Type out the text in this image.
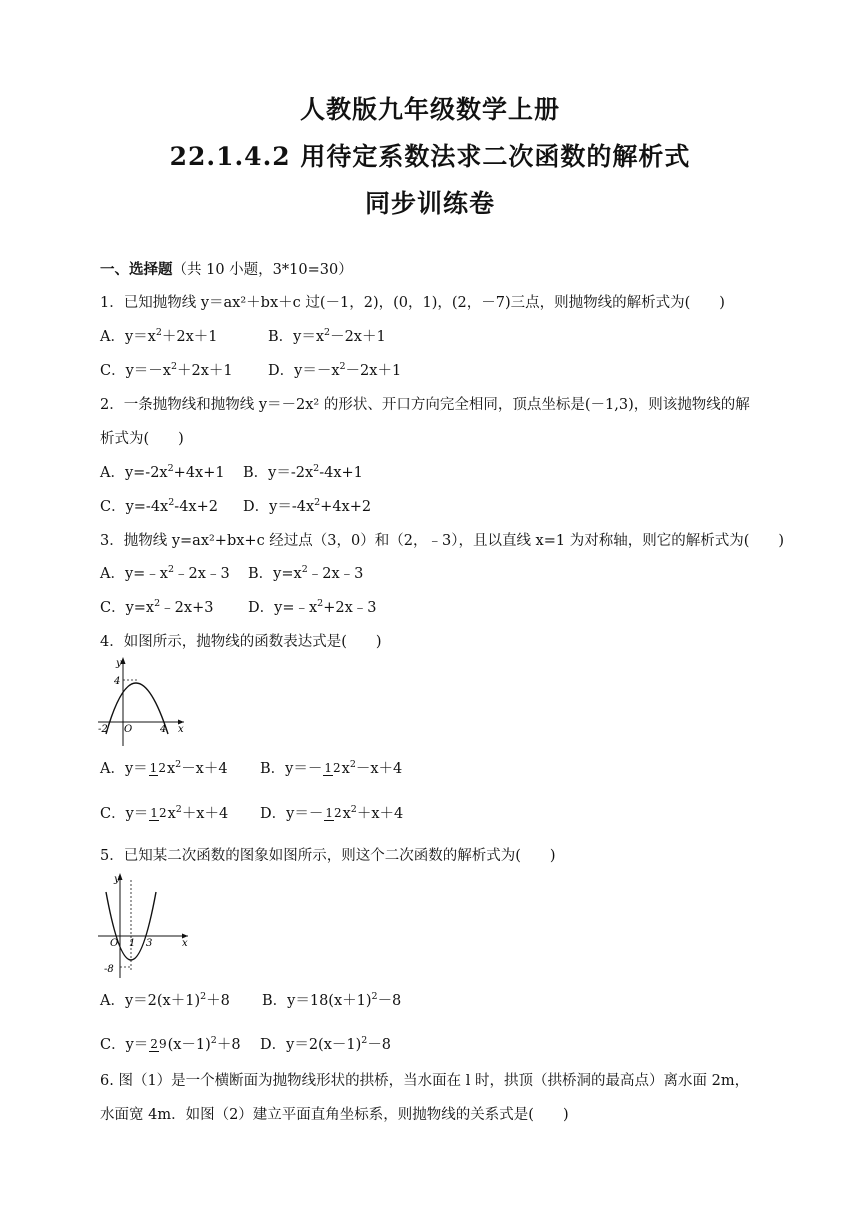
人教版九年级数学上册
22.1.4.2 用待定系数法求二次函数的解析式
同步训练卷
一、选择题（共 10 小题，3*10=30）
1．已知抛物线 y＝ax²＋bx＋c 过(－1，2)，(0，1)，(2，－7)三点，则抛物线的解析式为(　　)
A．$y=x^2+2x+1$	B．$y=x^2-2x+1$
C．$y=-x^2+2x+1$ D．$y=-x^2-2x+1$
2．一条抛物线和抛物线 y＝－2x² 的形状、开口方向完全相同，顶点坐标是(－1,3)，则该抛物线的解
析式为(　　)
A．$y=-2x^2+4x+1$ B．$y=-2x^2-4x+1$
C．$y=-4x^2-4x+2$ D．$y=-4x^2+4x+2$
3．抛物线 y=ax²+bx+c 经过点（3，0）和（2，﹣3），且以直线 x=1 为对称轴，则它的解析式为(　　)
A．$y=﹣x^2﹣2x﹣3$ B．$y=x^2﹣2x﹣3$
C．$y=x^2﹣2x+3$ D．$y=﹣x^2+2x﹣3$
4．如图所示，抛物线的函数表达式是(　　)
y
x
4
-2 O	4
A．$y= 12x^2-x+4$ B．$y=- 12x^2-x+4$
C．$y= 12x^2+x+4$ D．$y=- 12x^2+x+4$
5．已知某二次函数的图象如图所示，则这个二次函数的解析式为(　　)
y
x
O 1 3
-8
A．$y=2(x+1)^2+8$ B．$y=18(x+1)^2-8$
C．$y= 29(x-1)^2+8$ D．$y=2(x-1)^2-8$
6. 图（1）是一个横断面为抛物线形状的拱桥，当水面在 l 时，拱顶（拱桥洞的最高点）离水面 2m，
水面宽 4m．如图（2）建立平面直角坐标系，则抛物线的关系式是(　　)
